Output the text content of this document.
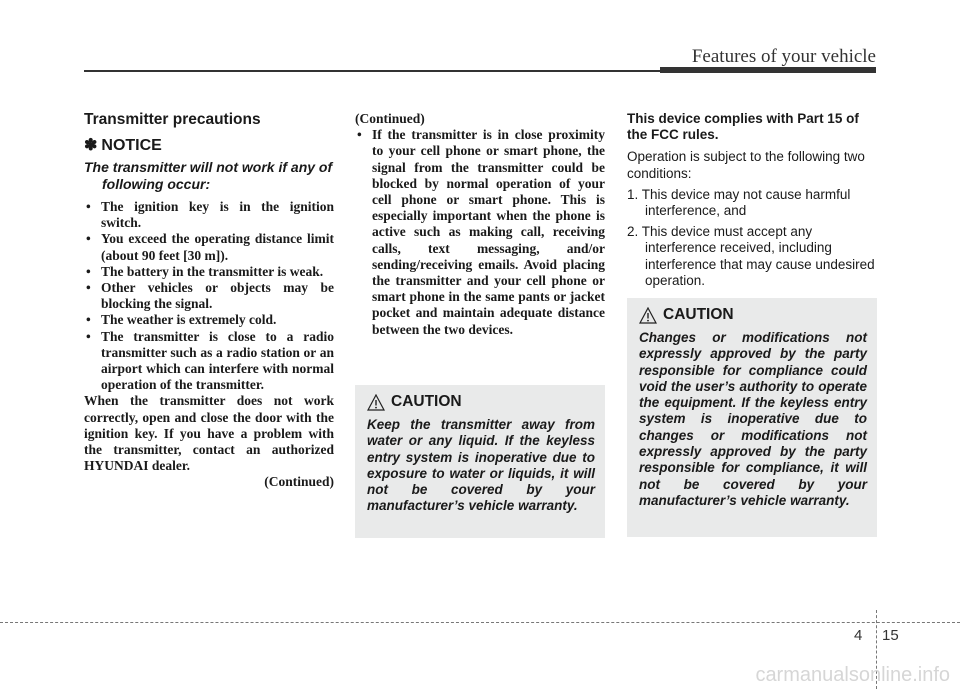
Features of your vehicle
Transmitter precautions
✽ NOTICE
The transmitter will not work if any of following occur:
• The ignition key is in the ignition switch.
• You exceed the operating distance limit (about 90 feet [30 m]).
• The battery in the transmitter is weak.
• Other vehicles or objects may be blocking the signal.
• The weather is extremely cold.
• The transmitter is close to a radio transmitter such as a radio station or an airport which can interfere with normal operation of the transmitter.

When the transmitter does not work correctly, open and close the door with the ignition key. If you have a problem with the transmitter, contact an authorized HYUNDAI dealer.

(Continued)

(Continued)

• If the transmitter is in close proximity to your cell phone or smart phone, the signal from the transmitter could be blocked by normal operation of your cell phone or smart phone. This is especially important when the phone is active such as making call, receiving calls, text messaging, and/or sending/receiving emails. Avoid placing the transmitter and your cell phone or smart phone in the same pants or jacket pocket and maintain adequate distance between the two devices.
CAUTION

Keep the transmitter away from water or any liquid. If the keyless entry system is inoperative due to exposure to water or liquids, it will not be covered by your manufacturer’s vehicle warranty.

This device complies with Part 15 of the FCC rules.

Operation is subject to the following two conditions:

1. This device may not cause harmful interference, and
2. This device must accept any interference received, including interference that may cause undesired operation.
CAUTION

Changes or modifications not expressly approved by the party responsible for compliance could void the user’s authority to operate the equipment. If the keyless entry system is inoperative due to changes or modifications not expressly approved by the party responsible for compliance, it will not be covered by your manufacturer’s vehicle warranty.

4 15
carmanualsonline.info
